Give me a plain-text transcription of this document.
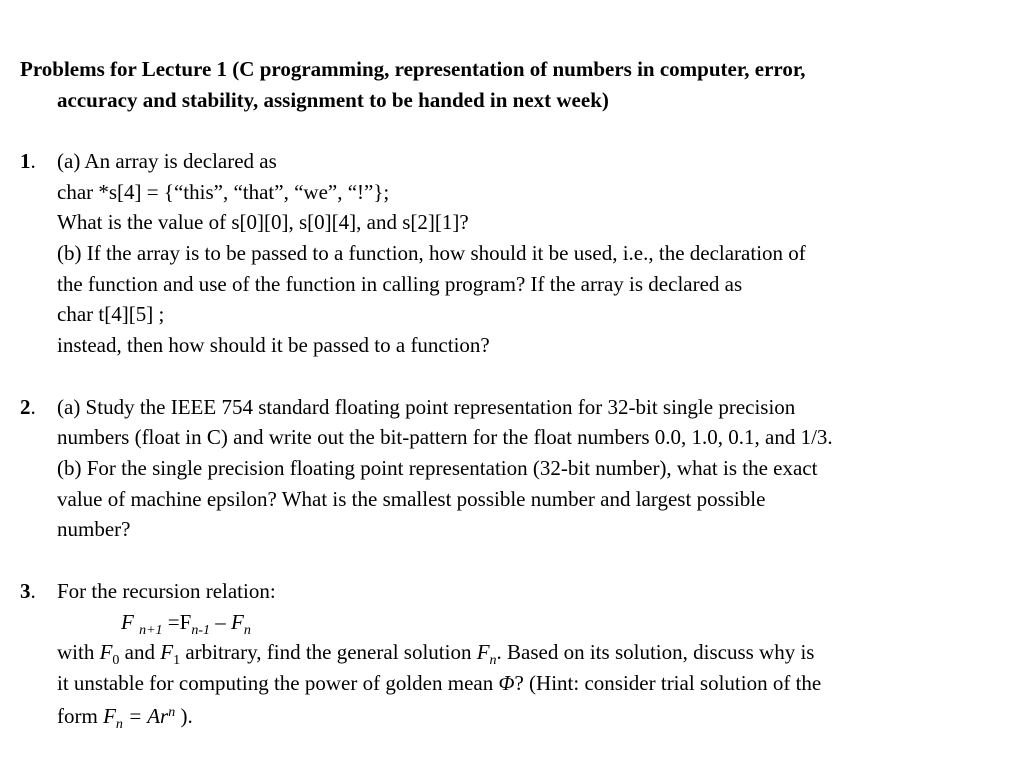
Problems for Lecture 1 (C programming, representation of numbers in computer, error,
accuracy and stability, assignment to be handed in next week)
1. (a) An array is declared as
char *s[4] = {“this”, “that”, “we”, “!”};
What is the value of s[0][0], s[0][4], and s[2][1]?
(b) If the array is to be passed to a function, how should it be used, i.e., the declaration of
the function and use of the function in calling program? If the array is declared as
char t[4][5] ;
instead, then how should it be passed to a function?
2. (a) Study the IEEE 754 standard floating point representation for 32-bit single precision
numbers (float in C) and write out the bit-pattern for the float numbers 0.0, 1.0, 0.1, and 1/3.
(b) For the single precision floating point representation (32-bit number), what is the exact
value of machine epsilon? What is the smallest possible number and largest possible
number?
3. For the recursion relation:
F $_{n+1} =F_{n-1} - F_n$
with $F_0$ and $F_1$ arbitrary, find the general solution $F_n$. Based on its solution, discuss why is
it unstable for computing the power of golden mean Φ? (Hint: consider trial solution of the
form $F_n = Ar^n$ ).
